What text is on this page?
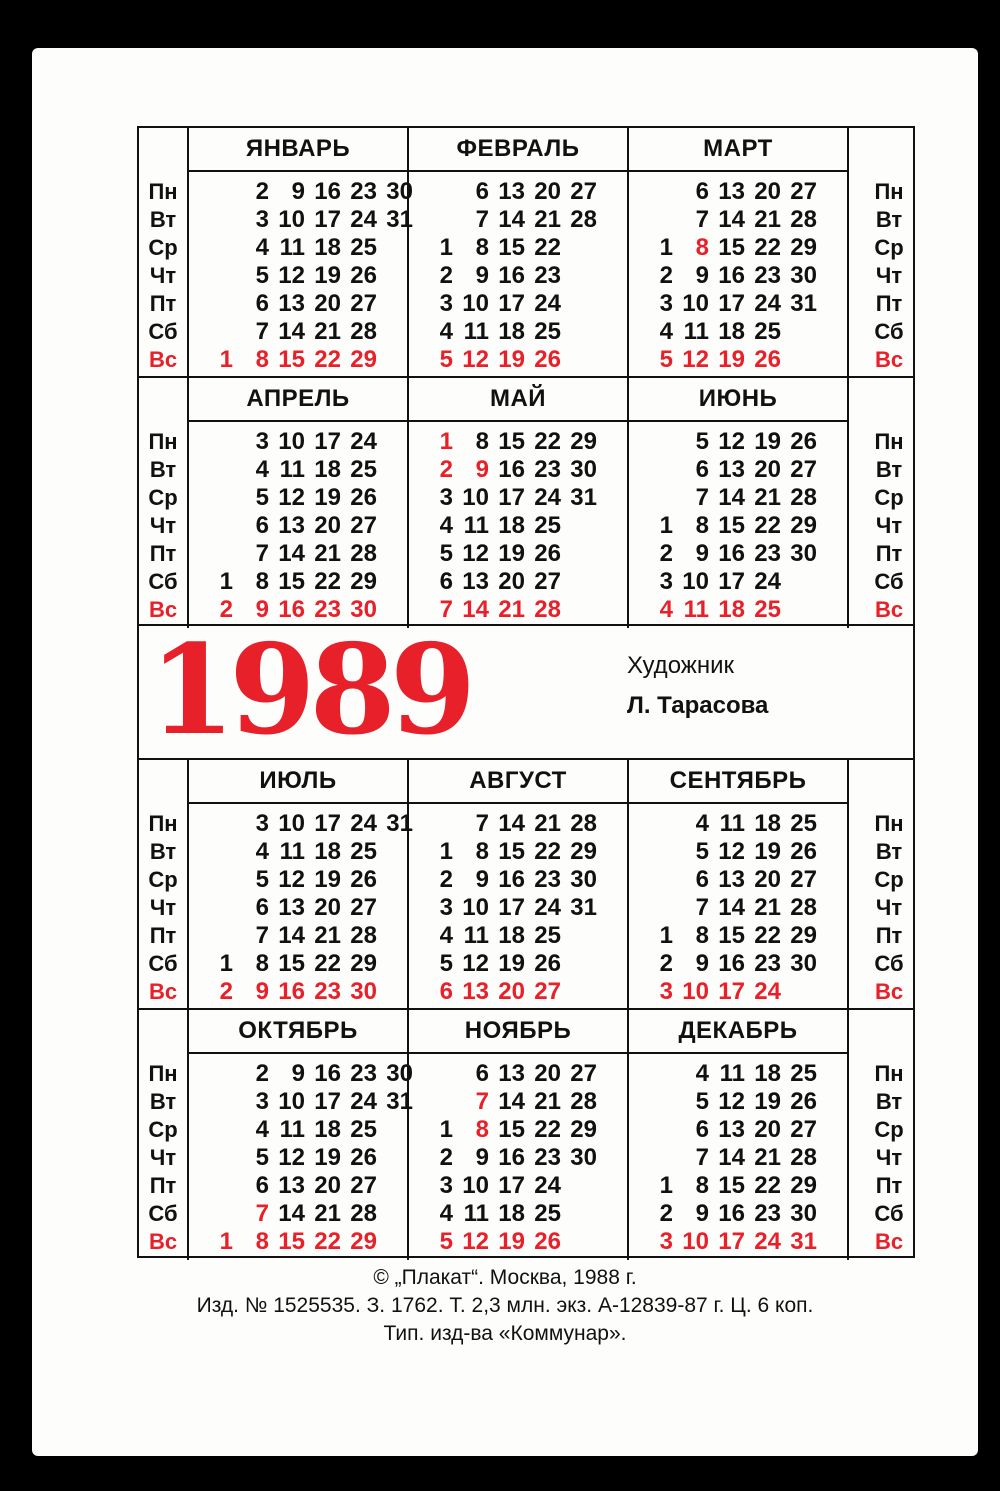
Пн
Вт
Ср
Чт
Пт
Сб
Вс
Пн
Вт
Ср
Чт
Пт
Сб
Вс
ЯНВАРЬ
2 9 16 23 30
3 10 17 24 31
4 11 18 25
5 12 19 26
6 13 20 27
7 14 21 28
1 8 15 22 29
ФЕВРАЛЬ
6 13 20 27
7 14 21 28
1 8 15 22
2 9 16 23
3 10 17 24
4 11 18 25
5 12 19 26
МАРТ
6 13 20 27
7 14 21 28
1 8 15 22 29
2 9 16 23 30
3 10 17 24 31
4 11 18 25
5 12 19 26
Пн
Вт
Ср
Чт
Пт
Сб
Вс
Пн
Вт
Ср
Чт
Пт
Сб
Вс
АПРЕЛЬ
3 10 17 24
4 11 18 25
5 12 19 26
6 13 20 27
7 14 21 28
1 8 15 22 29
2 9 16 23 30
МАЙ
1 8 15 22 29
2 9 16 23 30
3 10 17 24 31
4 11 18 25
5 12 19 26
6 13 20 27
7 14 21 28
ИЮНЬ
5 12 19 26
6 13 20 27
7 14 21 28
1 8 15 22 29
2 9 16 23 30
3 10 17 24
4 11 18 25
1989	Художник
Л. Тарасова
Пн
Вт
Ср
Чт
Пт
Сб
Вс
Пн
Вт
Ср
Чт
Пт
Сб
Вс
ИЮЛЬ
3 10 17 24 31
4 11 18 25
5 12 19 26
6 13 20 27
7 14 21 28
1 8 15 22 29
2 9 16 23 30
АВГУСТ
7 14 21 28
1 8 15 22 29
2 9 16 23 30
3 10 17 24 31
4 11 18 25
5 12 19 26
6 13 20 27
СЕНТЯБРЬ
4 11 18 25
5 12 19 26
6 13 20 27
7 14 21 28
1 8 15 22 29
2 9 16 23 30
3 10 17 24
Пн
Вт
Ср
Чт
Пт
Сб
Вс
Пн
Вт
Ср
Чт
Пт
Сб
Вс
ОКТЯБРЬ
2 9 16 23 30
3 10 17 24 31
4 11 18 25
5 12 19 26
6 13 20 27
7 14 21 28
1 8 15 22 29
НОЯБРЬ
6 13 20 27
7 14 21 28
1 8 15 22 29
2 9 16 23 30
3 10 17 24
4 11 18 25
5 12 19 26
ДЕКАБРЬ
4 11 18 25
5 12 19 26
6 13 20 27
7 14 21 28
1 8 15 22 29
2 9 16 23 30
3 10 17 24 31
© „Плакат“. Москва, 1988 г.
Изд. № 1525535. З. 1762. Т. 2,3 млн. экз. А-12839-87 г. Ц. 6 коп.
Тип. изд-ва «Коммунар».
